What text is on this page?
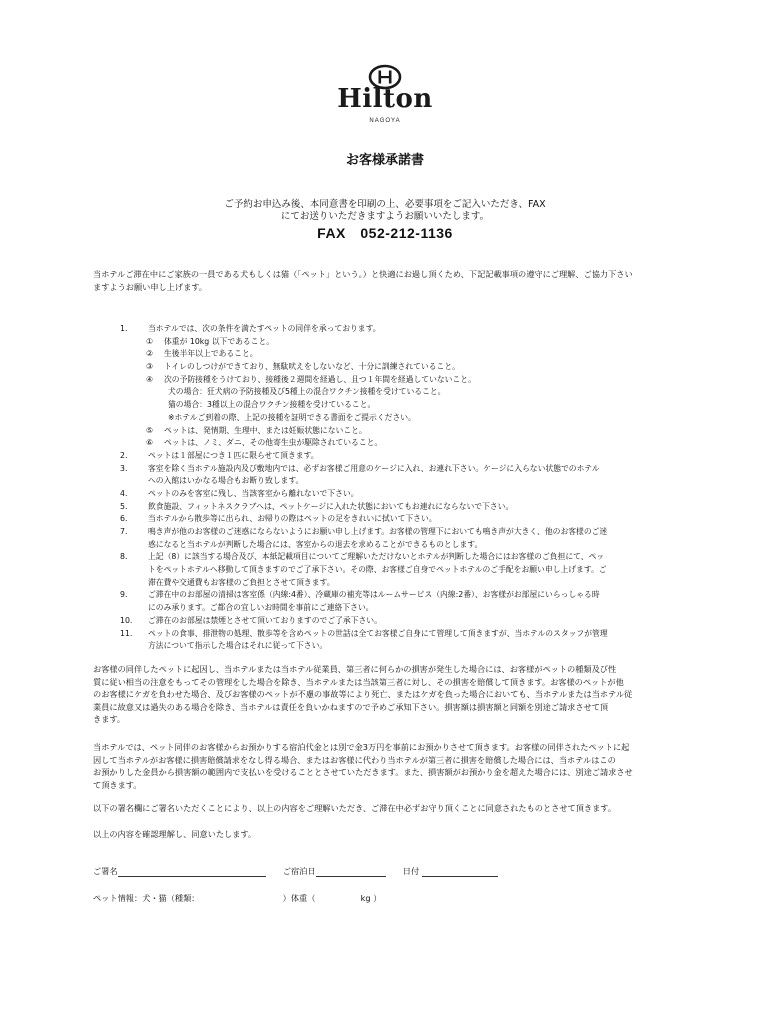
Hilton
NAGOYA
お客様承諾書
ご予約お申込み後、本同意書を印刷の上、必要事項をご記入いただき、FAX
にてお送りいただきますようお願いいたします。
FAX　052-212-1136
当ホテルご滞在中にご家族の一員である犬もしくは猫（「ペット」という。）と快適にお過し頂くため、下記記載事項の遵守にご理解、ご協力下さい
ますようお願い申し上げます。
1.	当ホテルでは、次の条件を満たすペットの同伴を承っております。
①	体重が 10kg 以下であること。
②	生後半年以上であること。
③	トイレのしつけができており、無駄吠えをしないなど、十分に訓練されていること。
④	次の予防接種をうけており、接種後２週間を経過し、且つ１年間を経過していないこと。
犬の場合：狂犬病の予防接種及び5種上の混合ワクチン接種を受けていること。
猫の場合：3種以上の混合ワクチン接種を受けていること。
※ホテルご到着の際、上記の接種を証明できる書面をご提示ください。
⑤	ペットは、発情期、生理中、または妊娠状態にないこと。
⑥	ペットは、ノミ、ダニ、その他寄生虫が駆除されていること。
2.	ペットは１部屋につき１匹に限らせて頂きます。
3.	客室を除く当ホテル施設内及び敷地内では、必ずお客様ご用意のケージに入れ、お連れ下さい。ケージに入らない状態でのホテル
への入館はいかなる場合もお断り致します。
4.	ペットのみを客室に残し、当該客室から離れないで下さい。
5.	飲食施設、フィットネスクラブへは、ペットケージに入れた状態においてもお連れにならないで下さい。
6.	当ホテルから散歩等に出られ、お帰りの際はペットの足をきれいに拭いて下さい。
7.	鳴き声が他のお客様のご迷惑にならないようにお願い申し上げます。お客様の管理下においても鳴き声が大きく、他のお客様のご迷
惑になると当ホテルが判断した場合には、客室からの退去を求めることができるものとします。
8.	上記（8）に該当する場合及び、本紙記載項目についてご理解いただけないとホテルが判断した場合にはお客様のご負担にて、ペッ
トをペットホテルへ移動して頂きますのでご了承下さい。その際、お客様ご自身でペットホテルのご手配をお願い申し上げます。ご
滞在費や交通費もお客様のご負担とさせて頂きます。
9.	ご滞在中のお部屋の清掃は客室係（内線:4番）、冷蔵庫の補充等はルームサービス（内線:2番）、お客様がお部屋にいらっしゃる時
にのみ承ります。ご都合の宜しいお時間を事前にご連絡下さい。
10.	ご滞在のお部屋は禁煙とさせて頂いておりますのでご了承下さい。
11.	ペットの食事、排泄物の処理、散歩等を含めペットの世話は全てお客様ご自身にて管理して頂きますが、当ホテルのスタッフが管理
方法について指示した場合はそれに従って下さい。
お客様の同伴したペットに起因し、当ホテルまたは当ホテル従業員、第三者に何らかの損害が発生した場合には、お客様がペットの種類及び性
質に従い相当の注意をもってその管理をした場合を除き、当ホテルまたは当該第三者に対し、その損害を賠償して頂きます。お客様のペットが他
のお客様にケガを負わせた場合、及びお客様のペットが不慮の事故等により死亡、またはケガを負った場合においても、当ホテルまたは当ホテル従
業員に故意又は過失のある場合を除き、当ホテルは責任を負いかねますので予めご承知下さい。損害額は損害額と同額を別途ご請求させて頂
きます。
当ホテルでは、ペット同伴のお客様からお預かりする宿泊代金とは別で金3万円を事前にお預かりさせて頂きます。お客様の同伴されたペットに起
因して当ホテルがお客様に損害賠償請求をなし得る場合、またはお客様に代わり当ホテルが第三者に損害を賠償した場合には、当ホテルはこの
お預かりした金員から損害額の範囲内で支払いを受けることとさせていただきます。また、損害額がお預かり金を超えた場合には、別途ご請求させ
て頂きます。
以下の署名欄にご署名いただくことにより、以上の内容をご理解いただき、ご滞在中必ずお守り頂くことに同意されたものとさせて頂きます。
以上の内容を確認理解し、同意いたします。
ご署名	ご宿泊日	日付
ペット情報：犬・猫（種類：	）体重（	kg ）
